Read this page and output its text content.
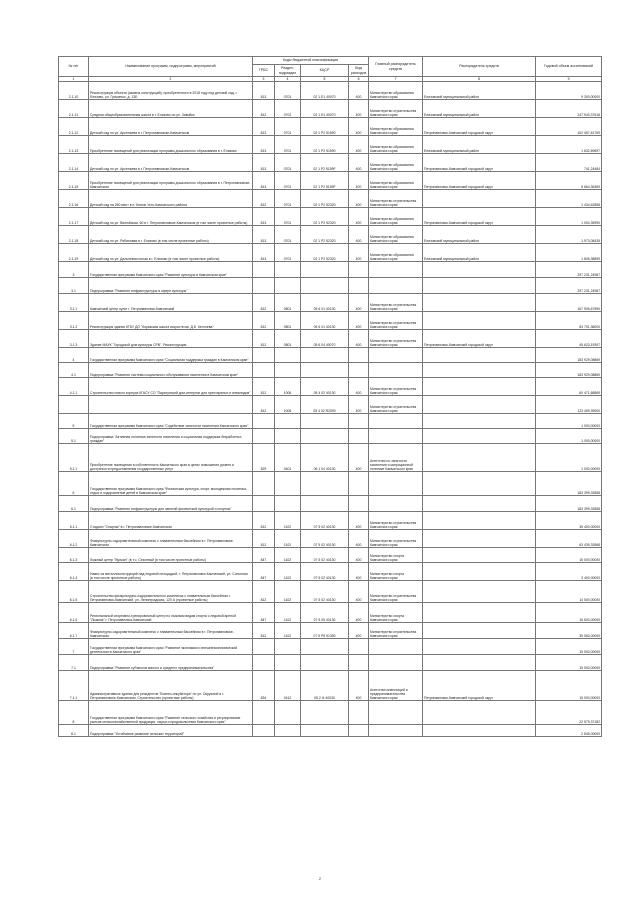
№ п/п	Наименование программ, подпрограмм, мероприятий	Коды бюджетной классификации				Главный распорядитель средств	Распорядитель средств	Годовой объем ассигнований
		ГРБС	Раздел, подраздел	КЦСР	Вид расходов			
1	2	3	4	5	6	7	8	9
2.1.10	Реконструкция объекта (замена конструкций), приобретенного в 2018 году под детский сад, г. Елизово, ул. Гришечко, д. 13Б	813	0701	02 1 E1 40070	400	Министерство образования Камчатского края	Елизовский муниципальный район	9 300,00000
2.1.11	Средняя общеобразовательная школа в г. Елизово по ул. Завойко	812	0702	02 1 E1 40070	400	Министерство строительства Камчатского края	Елизовский муниципальный район	247 943,37618
2.1.12	Детский сад по ул. Арсеньева в г. Петропавловске-Камчатском	813	0701	02 1 P2 51590	400	Министерство образования Камчатского края	Петропавловск-Камчатский городской округ	102 457,81769
2.1.13	Приобретение помещений для реализации программ дошкольного образования в г. Елизово	813	0701	02 1 P2 51590	400	Министерство образования Камчатского края	Елизовский муниципальный район	1 632,69697
2.1.14	Детский сад по ул. Арсеньева в г. Петропавловске-Камчатском	813	0701	02 1 P2 5159F	400	Министерство образования Камчатского края	Петропавловск-Камчатский городской округ	741,24484
2.1.15	Приобретение помещений для реализации программ дошкольного образования в г. Петропавловске-Камчатском	813	0701	02 1 P2 5159F	400	Министерство образования Камчатского края	Петропавловск-Камчатский городской округ	5 664,36369
2.1.16	Детский сад на 260 мест в п. Ключи Усть-Камчатского района	812	0701	02 1 P2 52320	400	Министерство строительства Камчатского края		1 434,62898
2.1.17	Детский сад по ул. Вилюйская, 60 в г. Петропавловске-Камчатском (в том числе проектные работы)	813	0701	02 1 P2 52320	400	Министерство образования Камчатского края	Петропавловск-Камчатский городской округ	1 004,35990
2.1.18	Детский сад по ул. Рябиновая в г. Елизово (в том числе проектные работы)	813	0701	02 1 P2 52320	400	Министерство образования Камчатского края	Елизовский муниципальный район	1 973,08435
2.1.19	Детский сад по ул. Дальневосточная в г. Елизово (в том числе проектные работы)	813	0701	02 1 P2 52320	400	Министерство образования Камчатского края	Елизовский муниципальный район	1 806,38899
3	Государственная программа Камчатского края "Развитие культуры в Камчатском крае"							297 231,24987
3.1	Подпрограмма "Развитие инфраструктуры в сфере культуры"							297 231,24987
3.1.1	Камчатский центр культ г. Петропавловск-Камчатский	812	0801	05 6 01 40130	400	Министерство строительства Камчатского края		167 906,67590
3.1.2	Реконструкция здания КГБУ ДО "Корякская школа искусств им. Д.Б. Кеглоева"	812	0801	05 6 01 40130	400	Министерство строительства Камчатского края		83 701,38000
3.1.3	Здание МАУК "Городской дом культуры СРВ". Реконструкция	812	0801	05 6 04 40070	400	Министерство строительства Камчатского края	Петропавловск-Камчатский городской округ	45 623,19397
4	Государственная программа Камчатского края "Социальная поддержка граждан в Камчатском крае"							183 929,08869
4.1	Подпрограмма "Развитие системы социального обслуживания населения в Камчатском крае"							183 929,08869
4.1.1	Строительство нового корпуса КГАСУ СО "Паратунский дом-интернат для престарелых и инвалидов"	812	1006	05 4 02 40130	400	Министерство строительства Камчатского края		60 471,68869
		812	1006	05 4 02 R2090	400	Министерство строительства Камчатского края		123 459,39000
5	Государственная программа Камчатского края "Содействие занятости населения Камчатского края"							1 000,00000
5.1	Подпрограмма "Активная политика занятости населения и социальная поддержка безработных граждан"							1 000,00000
5.1.1	Приобретение помещения в собственность Камчатского края в целях повышения уровня и доступности предоставления государственных услуг	829	0401	06 1 04 40130	400	Агентство по занятости населения и миграционной политике Камчатского края		1 000,00000
6	Государственная программа Камчатского края "Физическая культура, спорт, молодежная политика, отдых и оздоровление детей в Камчатском крае"							183 399,33968
6.1	Подпрограмма "Развитие инфраструктуры для занятий физической культурой и спортом"							183 399,33968
6.1.1	Стадион "Спартак" в г. Петропавловске-Камчатском	812	1102	07 5 02 40130	400	Министерство строительства Камчатского края		35 400,00000
6.1.2	Физкультурно-оздоровительный комплекс с плавательным бассейном в г. Петропавловске-Камчатском	812	1102	07 5 02 40130	400	Министерство строительства Камчатского края		63 439,33968
6.1.3	Лыжный центр "Вулкан" (в т.ч. Сезонный (в том числе проектные работы)	847	1102	07 5 02 40130	400	Министерство спорта Камчатского края		15 000,00000
6.1.4	Навес из металлоконструкций над ледовой площадкой, г. Петропавловск-Камчатский, ул. Сопочная (в том числе проектные работы)	847	1102	07 5 02 40130	400	Министерство спорта Камчатского края		3 400,00000
6.1.5	Строительство физкультурно-оздоровительного комплекса с плавательным бассейном г. Петропавловск-Камчатский, ул. Ленинградская, 120 А (проектные работы)	812	1102	07 5 02 40130	400	Министерство строительства Камчатского края		14 500,00000
6.1.6	Региональный спортивно-тренировочный центр по лыжным видам спорта с ледовой ареной "Лыжник" г. Петропавловск-Камчатский	847	1102	07 5 05 40130	400	Министерство спорта Камчатского края		16 600,00000
6.1.7	Физкультурно-оздоровительный комплекс с плавательным бассейном в г. Петропавловске-Камчатском	812	1102	07 5 P5 51390	400	Министерство строительства Камчатского края		35 060,00000
7	Государственная программа Камчатского края "Развитие экономики и внешнеэкономической деятельности Камчатского края"							15 000,00000
7.1	Подпрограмма "Развитие субъектов малого и среднего предпринимательства"							15 000,00000
7.1.1	Административные здания для резидентов "Бизнес-инкубатора" по ул. Окружной в г. Петропавловске-Камчатском. Строительство (проектные работы)	834	0412	08 2 I4 40030	400	Агентство инвестиций и предпринимательства Камчатского края	Петропавловск-Камчатский городской округ	15 000,00000
8	Государственная программа Камчатского края "Развитие сельского хозяйства и регулирование рынков сельскохозяйственной продукции, сырья и продовольствия Камчатского края"							22 579,37182
8.1	Подпрограмма "Устойчивое развитие сельских территорий"							2 845,00000
2
